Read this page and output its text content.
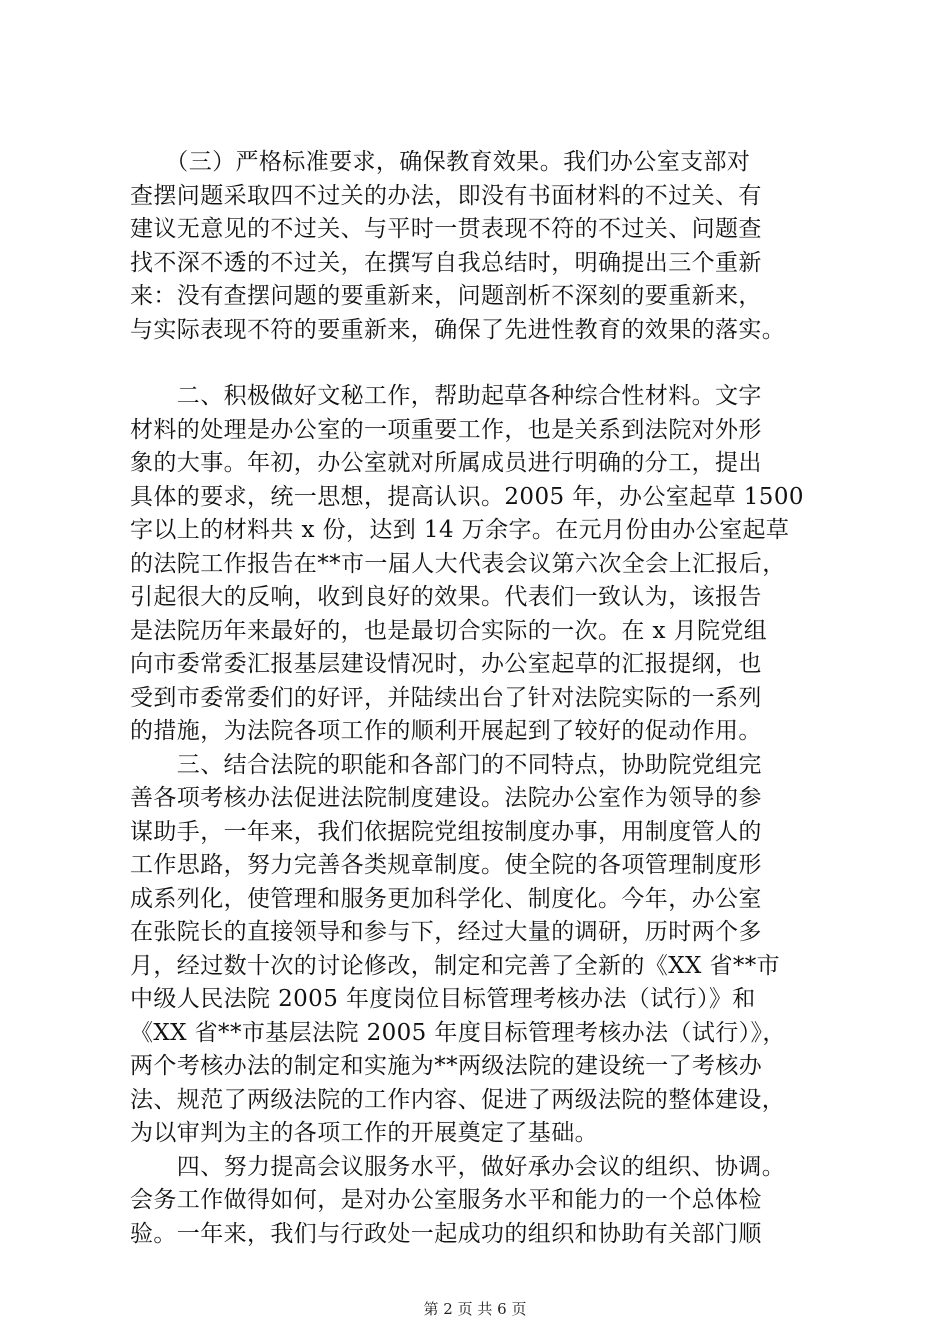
　　（三）严格标准要求，确保教育效果。我们办公室支部对
查摆问题采取四不过关的办法，即没有书面材料的不过关、有
建议无意见的不过关、与平时一贯表现不符的不过关、问题查
找不深不透的不过关，在撰写自我总结时，明确提出三个重新
来：没有查摆问题的要重新来，问题剖析不深刻的要重新来，
与实际表现不符的要重新来，确保了先进性教育的效果的落实。

　　二、积极做好文秘工作，帮助起草各种综合性材料。文字
材料的处理是办公室的一项重要工作，也是关系到法院对外形
象的大事。年初，办公室就对所属成员进行明确的分工，提出
具体的要求，统一思想，提高认识。2005 年，办公室起草 1500
字以上的材料共 x 份，达到 14 万余字。在元月份由办公室起草
的法院工作报告在**市一届人大代表会议第六次全会上汇报后，
引起很大的反响，收到良好的效果。代表们一致认为，该报告
是法院历年来最好的，也是最切合实际的一次。在 x 月院党组
向市委常委汇报基层建设情况时，办公室起草的汇报提纲，也
受到市委常委们的好评，并陆续出台了针对法院实际的一系列
的措施，为法院各项工作的顺利开展起到了较好的促动作用。

　　三、结合法院的职能和各部门的不同特点，协助院党组完
善各项考核办法促进法院制度建设。法院办公室作为领导的参
谋助手，一年来，我们依据院党组按制度办事，用制度管人的
工作思路，努力完善各类规章制度。使全院的各项管理制度形
成系列化，使管理和服务更加科学化、制度化。今年，办公室
在张院长的直接领导和参与下，经过大量的调研，历时两个多
月，经过数十次的讨论修改，制定和完善了全新的《XX 省**市
中级人民法院 2005 年度岗位目标管理考核办法（试行）》和
《XX 省**市基层法院 2005 年度目标管理考核办法（试行）》，
两个考核办法的制定和实施为**两级法院的建设统一了考核办
法、规范了两级法院的工作内容、促进了两级法院的整体建设，
为以审判为主的各项工作的开展奠定了基础。

　　四、努力提高会议服务水平，做好承办会议的组织、协调。
会务工作做得如何，是对办公室服务水平和能力的一个总体检
验。一年来，我们与行政处一起成功的组织和协助有关部门顺

第 2 页 共 6 页
